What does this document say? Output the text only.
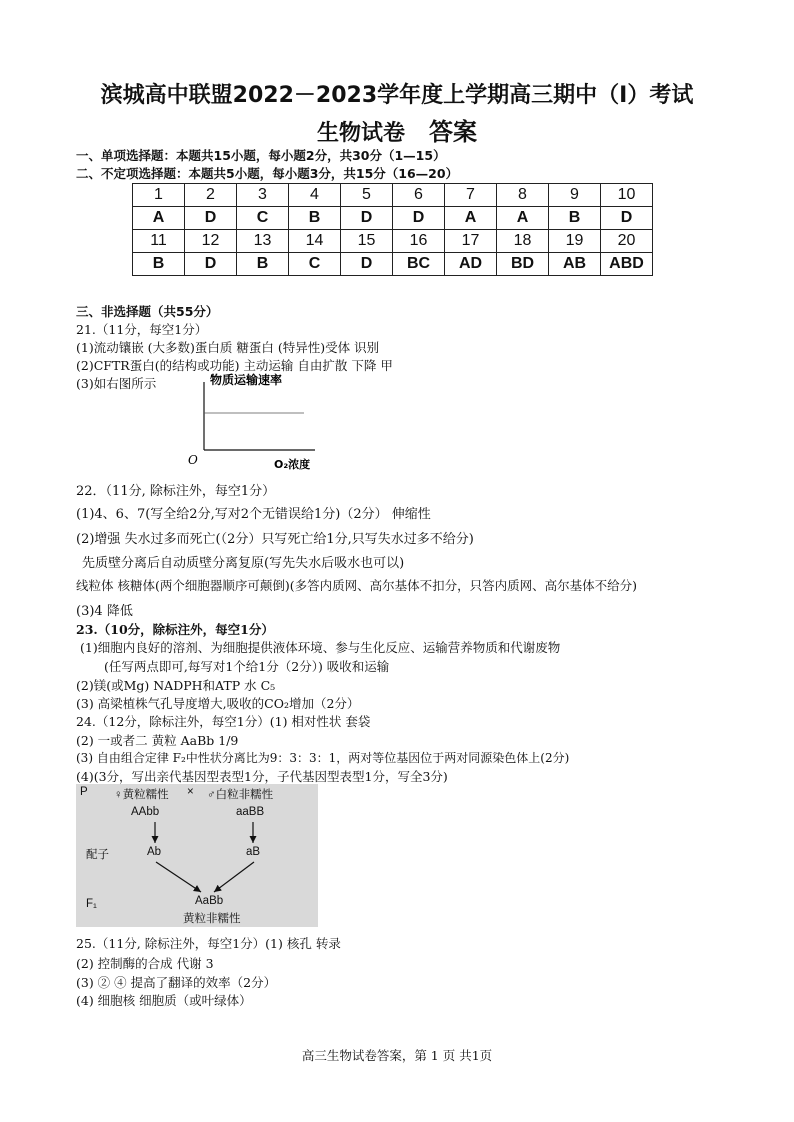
滨城高中联盟2022－2023学年度上学期高三期中（I）考试
生物试卷 答案
一、单项选择题：本题共15小题，每小题2分，共30分（1—15）
二、不定项选择题：本题共5小题，每小题3分，共15分（16—20）
1	2	3	4	5	6	7	8	9	10
A	D	C	B	D	D	A	A	B	D
11	12	13	14	15	16	17	18	19	20
B	D	B	C	D	BC	AD	BD	AB	ABD
三、非选择题（共55分）
21.（11分，每空1分）
(1)流动镶嵌 (大多数)蛋白质 糖蛋白 (特异性)受体 识别
(2)CFTR蛋白(的结构或功能) 主动运输 自由扩散 下降 甲
(3)如右图所示	物质运输速率
O	O₂浓度
22．（11分, 除标注外，每空1分）
(1)4、6、7(写全给2分,写对2个无错误给1分)（2分） 伸缩性
(2)增强 失水过多而死亡(（2分）只写死亡给1分,只写失水过多不给分)
先质壁分离后自动质壁分离复原(写先失水后吸水也可以)
线粒体 核糖体(两个细胞器顺序可颠倒)(多答内质网、高尔基体不扣分，只答内质网、高尔基体不给分)
(3)4 降低
23.（10分，除标注外，每空1分）
(1)细胞内良好的溶剂、为细胞提供液体环境、参与生化反应、运输营养物质和代谢废物
(任写两点即可,每写对1个给1分（2分）) 吸收和运输
(2)镁(或Mg) NADPH和ATP 水 C₅
(3) 高梁植株气孔导度增大,吸收的CO₂增加（2分）
24.（12分，除标注外，每空1分）(1) 相对性状 套袋
(2) 一或者二 黄粒 AaBb 1/9
(3) 自由组合定律 F₂中性状分离比为9：3：3：1，两对等位基因位于两对同源染色体上(2分)
(4)(3分，写出亲代基因型表型1分，子代基因型表型1分，写全3分)
P ♀黄粒糯性 × ♂白粒非糯性
AAbb	aaBB
配子	Ab	aB
F₁	AaBb
黄粒非糯性
25.（11分, 除标注外，每空1分）(1) 核孔 转录
(2) 控制酶的合成 代谢 3
(3) ② ④ 提高了翻译的效率（2分）
(4) 细胞核 细胞质（或叶绿体）
高三生物试卷答案，第 1 页 共1页
